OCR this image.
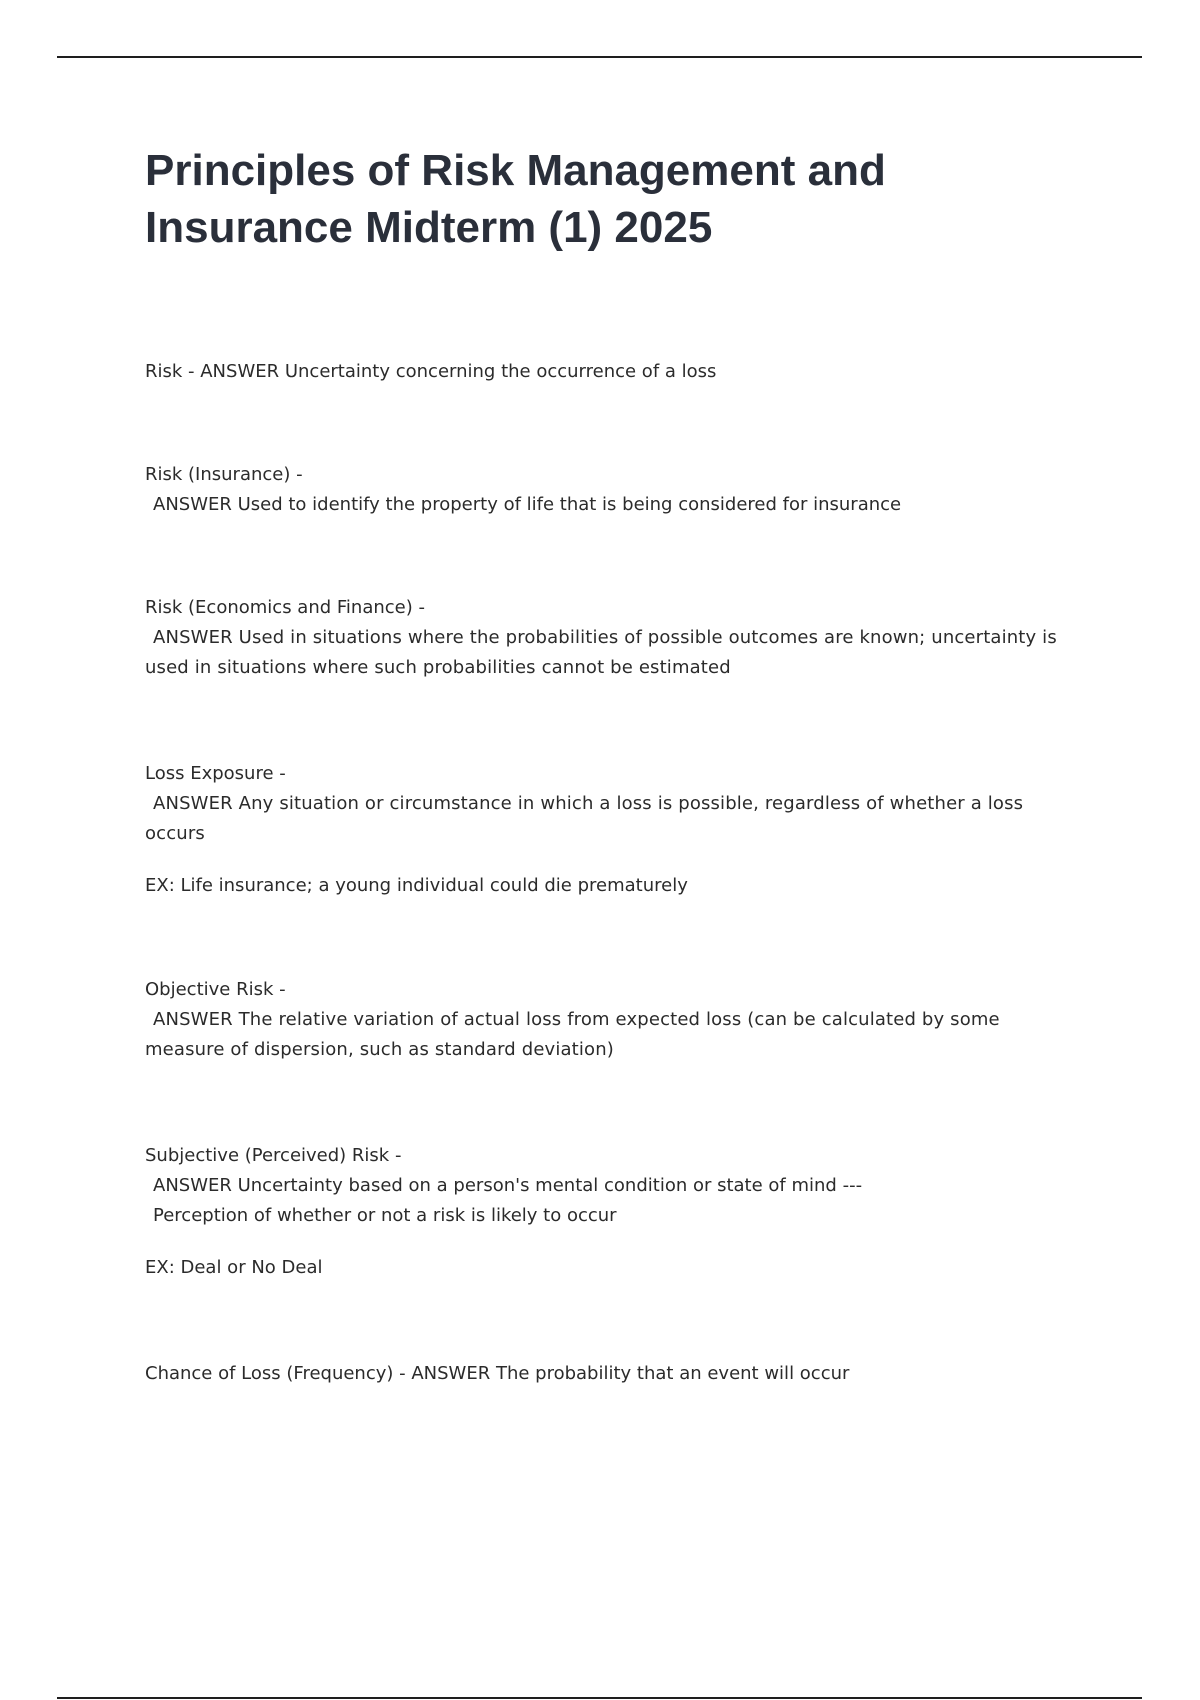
Principles of Risk Management and Insurance Midterm (1) 2025

Risk - ANSWER Uncertainty concerning the occurrence of a loss

Risk (Insurance) -

ANSWER Used to identify the property of life that is being considered for insurance

Risk (Economics and Finance) -

ANSWER Used in situations where the probabilities of possible outcomes are known; uncertainty is used in situations where such probabilities cannot be estimated

Loss Exposure -

ANSWER Any situation or circumstance in which a loss is possible, regardless of whether a loss occurs

EX: Life insurance; a young individual could die prematurely

Objective Risk -

ANSWER The relative variation of actual loss from expected loss (can be calculated by some measure of dispersion, such as standard deviation)

Subjective (Perceived) Risk -

ANSWER Uncertainty based on a person's mental condition or state of mind ---

Perception of whether or not a risk is likely to occur

EX: Deal or No Deal

Chance of Loss (Frequency) - ANSWER The probability that an event will occur
